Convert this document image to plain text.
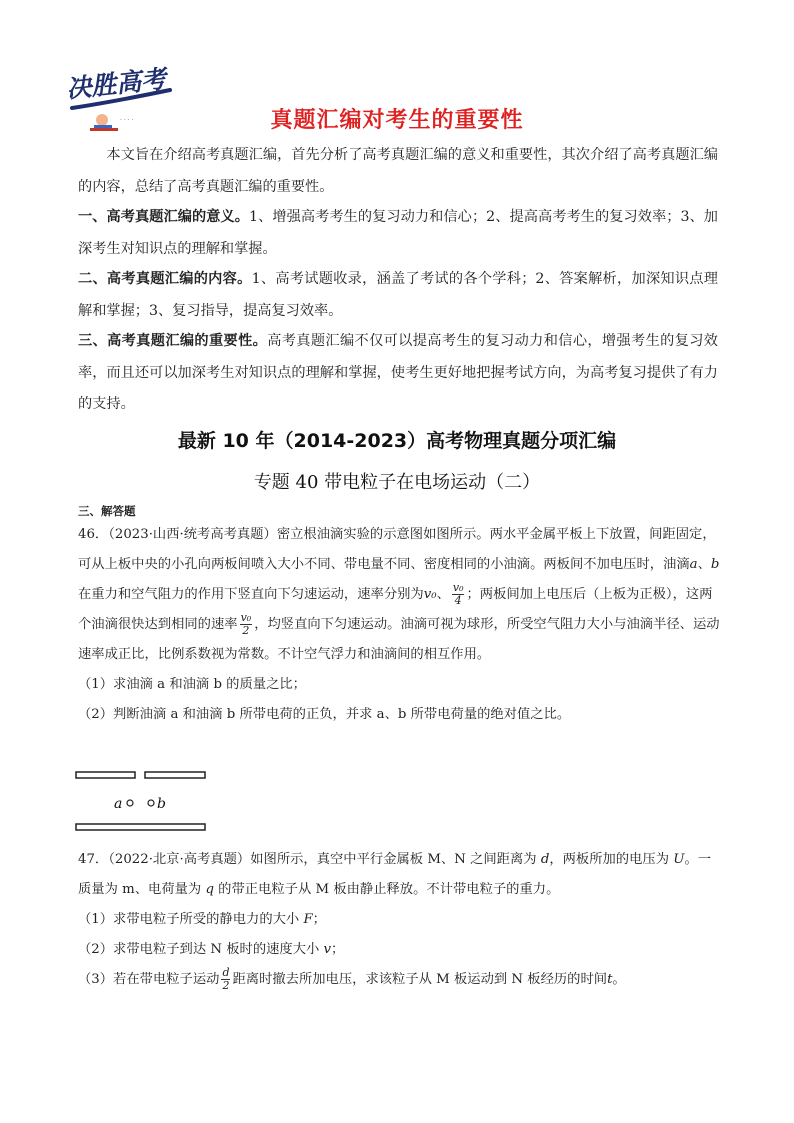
决胜高考
· · · ·	真题汇编对考生的重要性
本文旨在介绍高考真题汇编，首先分析了高考真题汇编的意义和重要性，其次介绍了高考真题汇编的内容，总结了高考真题汇编的重要性。
一、高考真题汇编的意义。1、增强高考考生的复习动力和信心；2、提高高考考生的复习效率；3、加深考生对知识点的理解和掌握。
二、高考真题汇编的内容。1、高考试题收录，涵盖了考试的各个学科；2、答案解析，加深知识点理解和掌握；3、复习指导，提高复习效率。
三、高考真题汇编的重要性。高考真题汇编不仅可以提高考生的复习动力和信心，增强考生的复习效率，而且还可以加深考生对知识点的理解和掌握，使考生更好地把握考试方向，为高考复习提供了有力的支持。
最新 10 年（2014-2023）高考物理真题分项汇编
专题 40 带电粒子在电场运动（二）
三、解答题

46．（2023·山西·统考高考真题）密立根油滴实验的示意图如图所示。两水平金属平板上下放置，间距固定，可从上板中央的小孔向两板间喷入大小不同、带电量不同、密度相同的小油滴。两板间不加电压时，油滴a、b在重力和空气阻力的作用下竖直向下匀速运动，速率分别为v₀、 $\frac{\text{v₀}}{4}$ ；两板间加上电压后（上板为正极），这两个油滴很快达到相同的速率 $\frac{\text{v₀}}{2}$ ，均竖直向下匀速运动。油滴可视为球形，所受空气阻力大小与油滴半径、运动速率成正比，比例系数视为常数。不计空气浮力和油滴间的相互作用。

（1）求油滴 a 和油滴 b 的质量之比；

（2）判断油滴 a 和油滴 b 所带电荷的正负，并求 a、b 所带电荷量的绝对值之比。

a b

47．（2022·北京·高考真题）如图所示，真空中平行金属板 M、N 之间距离为 d，两板所加的电压为 U。一质量为 m、电荷量为 q 的带正电粒子从 M 板由静止释放。不计带电粒子的重力。

（1）求带电粒子所受的静电力的大小 F；

（2）求带电粒子到达 N 板时的速度大小 v；

（3）若在带电粒子运动 $\frac{d}{2}$ 距离时撤去所加电压，求该粒子从 M 板运动到 N 板经历的时间t。
